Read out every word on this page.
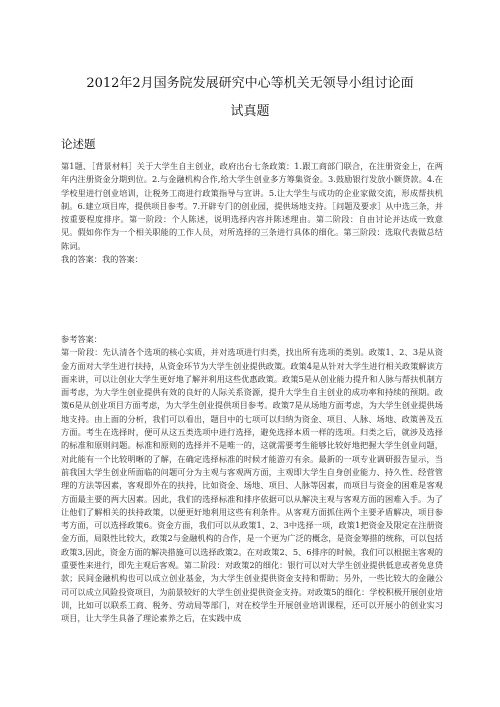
2012年2月国务院发展研究中心等机关无领导小组讨论面
试真题
论述题

第1题、［背景材料］关于大学生自主创业，政府出台七条政策：1.跟工商部门联合，在注册资金上，在两年内注册资金分期到位。2.与金融机构合作,给大学生创业多方筹集资金。3.鼓励银行发放小额贷款。4.在学校里进行创业培训，让税务工商进行政策指导与宣讲。5.让大学生与成功的企业家做交流，形成帮扶机制。6.建立项目库，提供项目参考。7.开辟专门的创业园，提供场地支持。［问题及要求］从中选三条，并按重要程度排序。第一阶段：个人陈述，说明选择内容并陈述理由。第二阶段：自由讨论并达成一致意见。假如你作为一个相关职能的工作人员，对所选择的三条进行具体的细化。第三阶段：选取代表做总结陈词。

我的答案：我的答案：

参考答案：

第一阶段：先认清各个选项的核心实质，并对选项进行归类，找出所有选项的类别。政策1、2、3是从资金方面对大学生进行扶持，从资金环节为大学生创业提供政策。政策4是从针对大学生进行相关政策解读方面来讲，可以让创业大学生更好地了解并利用这些优惠政策。政策5是从创业能力提升和人脉与帮扶机制方面考虑，为大学生创业提供有效的良好的人际关系资源，提升大学生自主创业的成功率和持续的预期。政策6是从创业项目方面考虑，为大学生创业提供项目参考。政策7是从场地方面考虑，为大学生创业提供场地支持。由上面的分析，我们可以看出，题目中的七项可以归纳为资金、项目、人脉、场地、政策善及五方面。考生在选择时，便可从这五类选项中进行选择，避免选择本质一样的选项。归类之后，就涉及选择的标准和原则问题。标准和原则的选择并不是唯一的，这就需要考生能够比较好地把握大学生创业问题，对此能有一个比较明晰的了解，在确定选择标准的时候才能游刃有余。最新的一项专业调研报告显示，当前我国大学生创业所面临的问题可分为主观与客观两方面，主观即大学生自身创业能力、持久性、经营管理的方法等因素，客观即外在的扶持，比如资金、场地、项目、人脉等因素，而项目与资金的困难是客观方面最主要的两大因素。因此，我们的选择标准和排序依据可以从解决主观与客观方面的困难入手。为了让他们了解相关的扶持政策，以便更好地利用这些有利条件。从客观方面抓住两个主要矛盾解决，项目参考方面，可以选择政策6。资金方面，我们可以从政策1、2、3中选择一项，政策1把资金及限定在注册资金方面，局限性比较大，政策2与金融机构的合作，是一个更为广泛的概念，是资金筹措的统称，可以包括政策3,因此，资金方面的解决措施可以选择政策2。在对政策2、5、6排序的时候，我们可以根据主客观的重要性来进行，即先主观后客观。第二阶段：对政策2的细化：银行可以对大学生创业提供低息或者免息贷款；民间金融机构也可以成立创业基金，为大学生创业提供资金支持和帮助；另外，一些比较大的金融公司可以成立风险投资项目，为前景较好的大学生创业提供资金支持。对政策5的细化：学校积极开展创业培训，比如可以联系工商、税务、劳动局等部门，对在校学生开展创业培训课程，还可以开展小的创业实习项目，让大学生具备了理论素养之后，在实践中成
